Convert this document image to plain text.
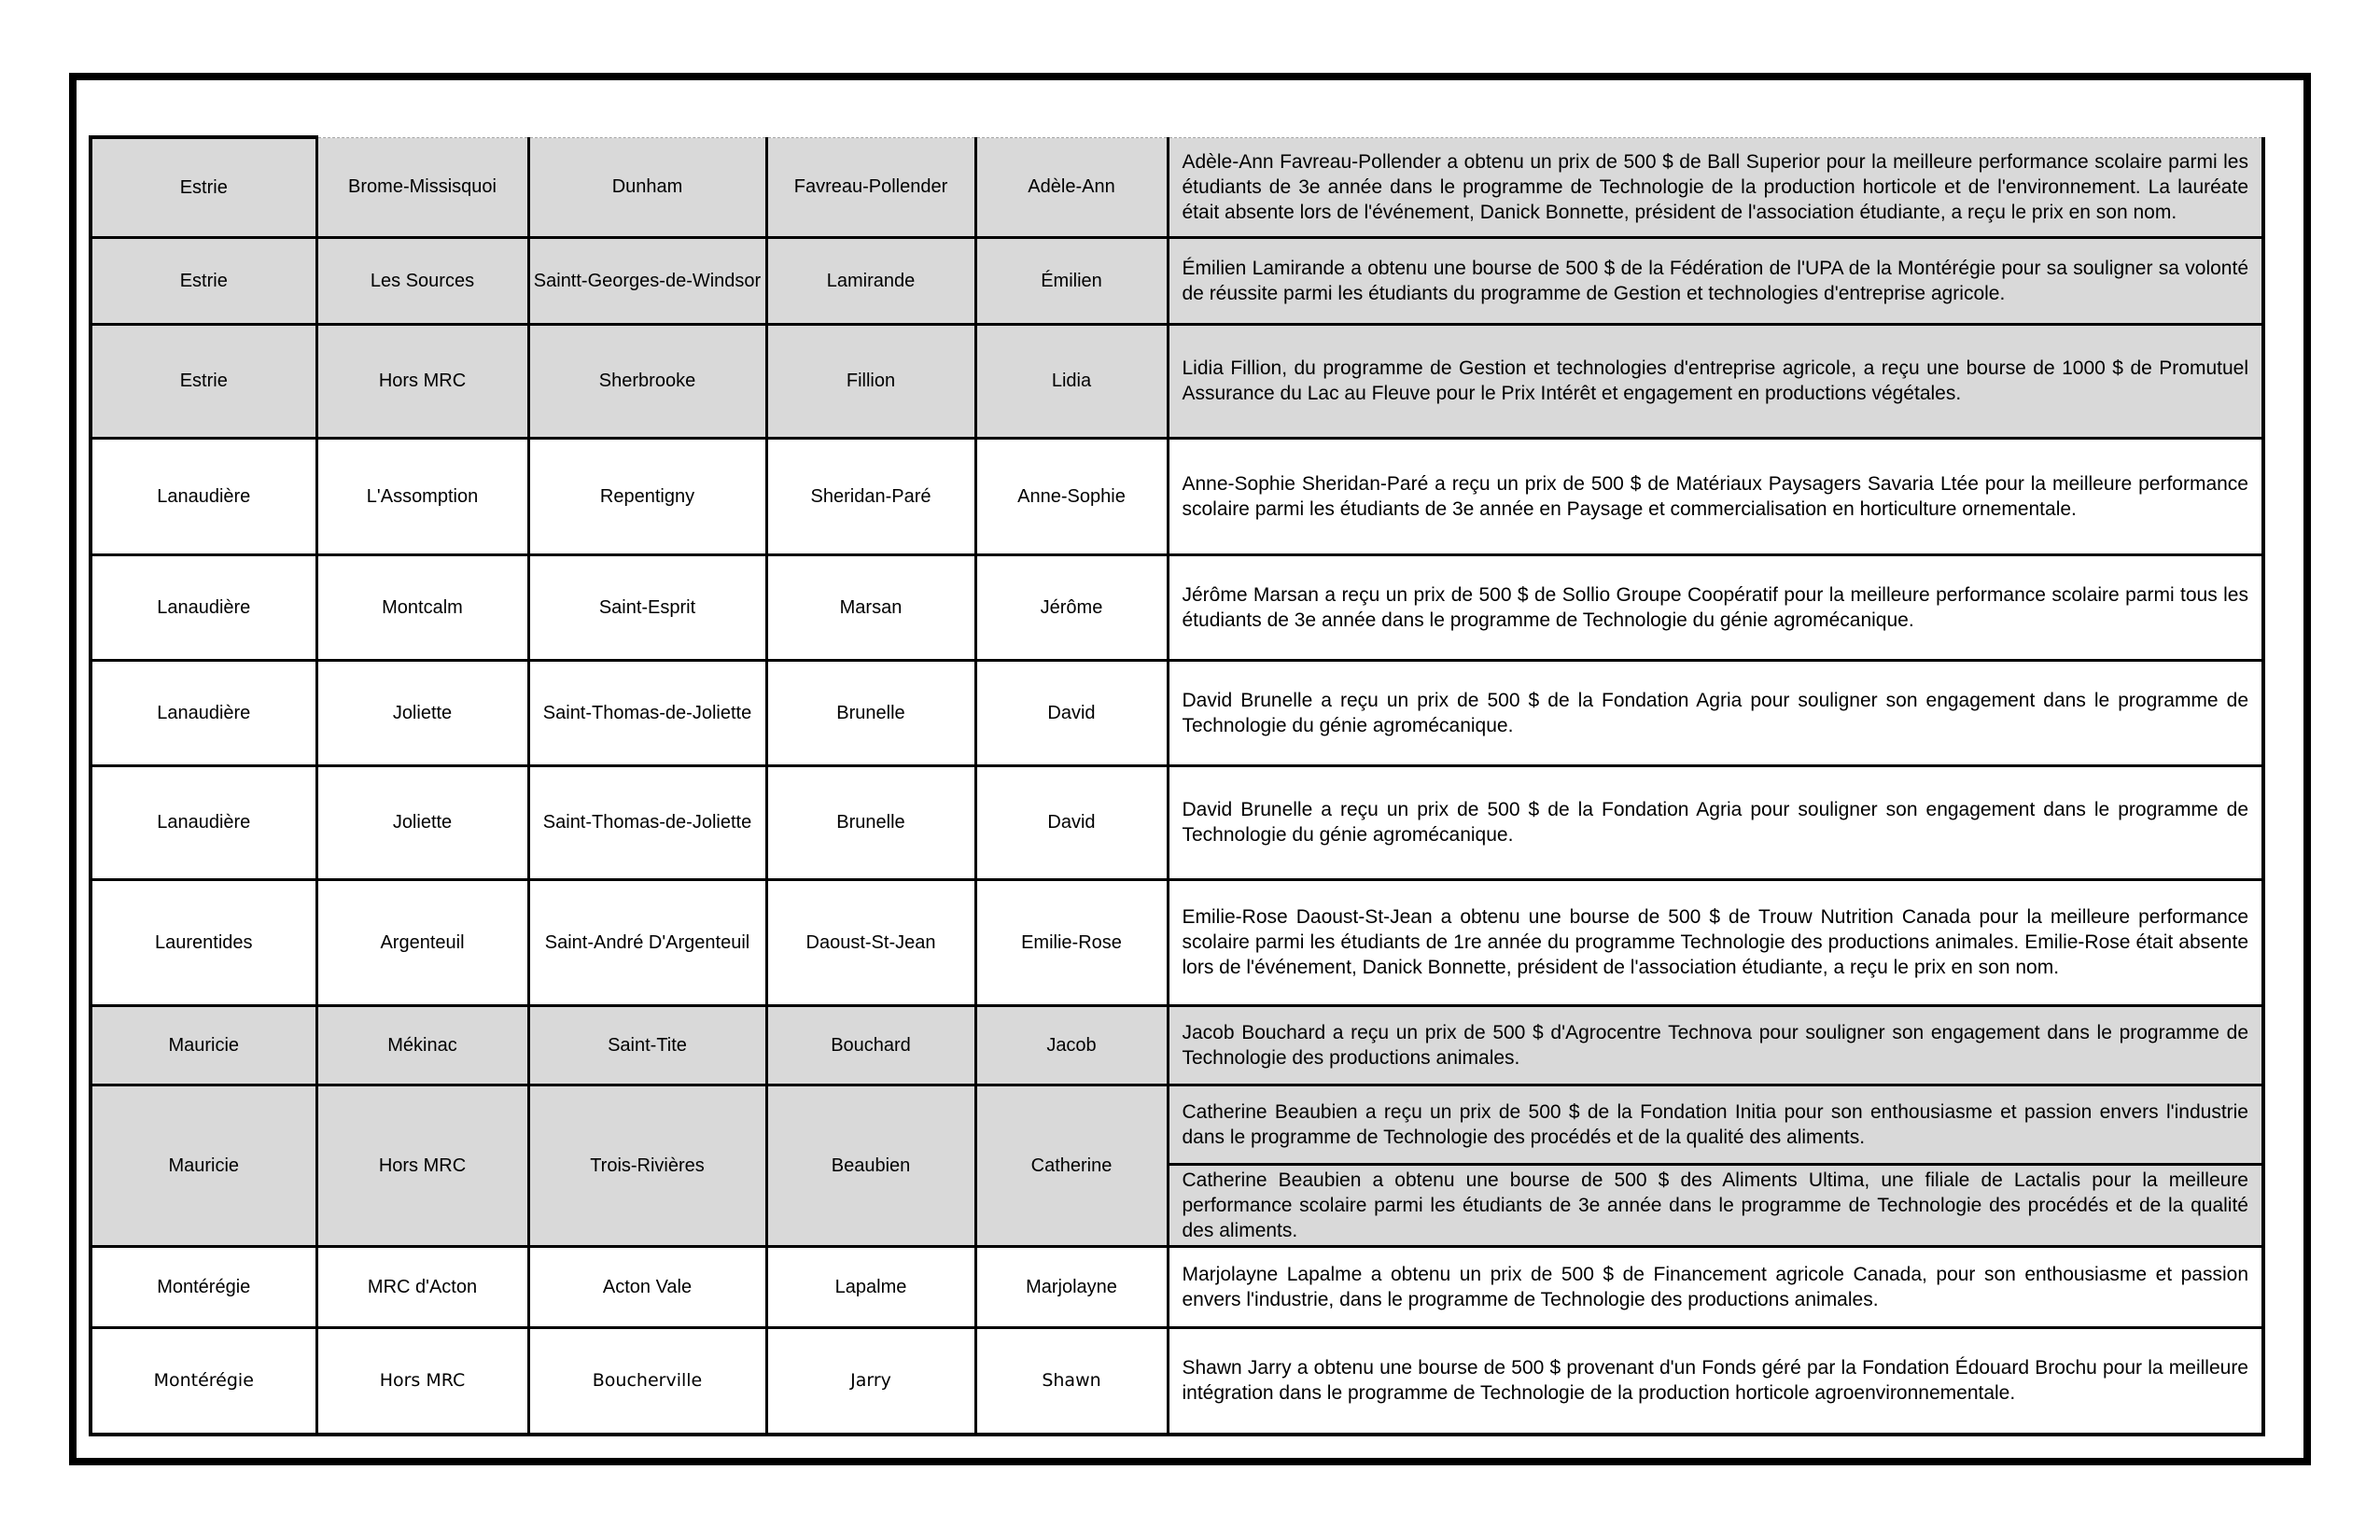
Estrie	Brome-Missisquoi	Dunham	Favreau-Pollender	Adèle-Ann	Adèle-Ann Favreau-Pollender a obtenu un prix de 500 $ de Ball Superior pour la meilleure performance scolaire parmi les étudiants de 3e année dans le programme de Technologie de la production horticole et de l'environnement. La lauréate était absente lors de l'événement, Danick Bonnette, président de l'association étudiante, a reçu le prix en son nom.
Estrie	Les Sources	Saintt-Georges-de-Windsor	Lamirande	Émilien	Émilien Lamirande a obtenu une bourse de 500 $ de la Fédération de l'UPA de la Montérégie pour sa souligner sa volonté de réussite parmi les étudiants du programme de Gestion et technologies d'entreprise agricole.
Estrie	Hors MRC	Sherbrooke	Fillion	Lidia	Lidia Fillion, du programme de Gestion et technologies d'entreprise agricole, a reçu une bourse de 1000 $ de Promutuel Assurance du Lac au Fleuve pour le Prix Intérêt et engagement en productions végétales.
Lanaudière	L'Assomption	Repentigny	Sheridan-Paré	Anne-Sophie	Anne-Sophie Sheridan-Paré a reçu un prix de 500 $ de Matériaux Paysagers Savaria Ltée pour la meilleure performance scolaire parmi les étudiants de 3e année en Paysage et commercialisation en horticulture ornementale.
Lanaudière	Montcalm	Saint-Esprit	Marsan	Jérôme	Jérôme Marsan a reçu un prix de 500 $ de Sollio Groupe Coopératif pour la meilleure performance scolaire parmi tous les étudiants de 3e année dans le programme de Technologie du génie agromécanique.
Lanaudière	Joliette	Saint-Thomas-de-Joliette	Brunelle	David	David Brunelle a reçu un prix de 500 $ de la Fondation Agria pour souligner son engagement dans le programme de Technologie du génie agromécanique.
Lanaudière	Joliette	Saint-Thomas-de-Joliette	Brunelle	David	David Brunelle a reçu un prix de 500 $ de la Fondation Agria pour souligner son engagement dans le programme de Technologie du génie agromécanique.
Laurentides	Argenteuil	Saint-André D'Argenteuil	Daoust-St-Jean	Emilie-Rose	Emilie-Rose Daoust-St-Jean a obtenu une bourse de 500 $ de Trouw Nutrition Canada pour la meilleure performance scolaire parmi les étudiants de 1re année du programme Technologie des productions animales. Emilie-Rose était absente lors de l'événement, Danick Bonnette, président de l'association étudiante, a reçu le prix en son nom.
Mauricie	Mékinac	Saint-Tite	Bouchard	Jacob	Jacob Bouchard a reçu un prix de 500 $ d'Agrocentre Technova pour souligner son engagement dans le programme de Technologie des productions animales.
Mauricie	Hors MRC	Trois-Rivières	Beaubien	Catherine	Catherine Beaubien a reçu un prix de 500 $ de la Fondation Initia pour son enthousiasme et passion envers l'industrie dans le programme de Technologie des procédés et de la qualité des aliments.
					Catherine Beaubien a obtenu une bourse de 500 $ des Aliments Ultima, une filiale de Lactalis pour la meilleure performance scolaire parmi les étudiants de 3e année dans le programme de Technologie des procédés et de la qualité des aliments.
Montérégie	MRC d'Acton	Acton Vale	Lapalme	Marjolayne	Marjolayne Lapalme a obtenu un prix de 500 $ de Financement agricole Canada, pour son enthousiasme et passion envers l'industrie, dans le programme de Technologie des productions animales.
Montérégie	Hors MRC	Boucherville	Jarry	Shawn	Shawn Jarry a obtenu une bourse de 500 $ provenant d'un Fonds géré par la Fondation Édouard Brochu pour la meilleure intégration dans le programme de Technologie de la production horticole agroenvironnementale.
